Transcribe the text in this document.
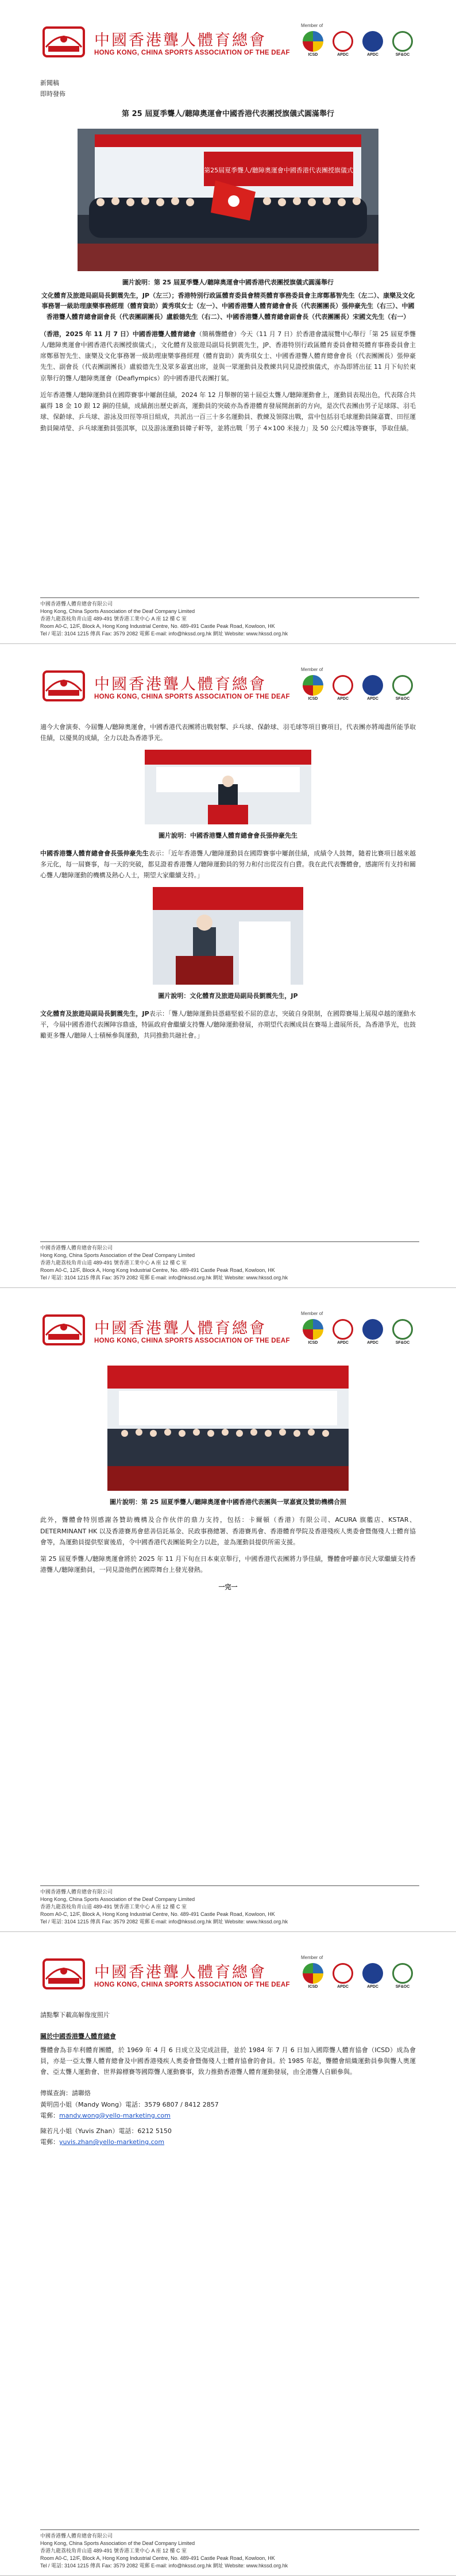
中國香港聾人體育總會
HONG KONG, CHINA SPORTS ASSOCIATION OF THE DEAF
Member of
ICSD	APDC	APDC	SF&OC
新聞稿
即時發佈
第 25 屆夏季聾人/聽障奧運會中國香港代表團授旗儀式圓滿舉行
第25屆夏季聾人/聽障奧運會中國香港代表團授旗儀式
圖片說明：第 25 屆夏季聾人/聽障奧運會中國香港代表團授旗儀式圓滿舉行
文化體育及旅遊局副局長劉震先生，JP（左三）；香港特別行政區體育委員會精英體育事務委員會主席鄭慕智先生（左二）、康樂及文化事務署一級助理康樂事務經理（體育資助）黃秀琪女士（左一）、中國香港聾人體育總會會長（代表團團長）張伸豪先生（右三）、中國香港聾人體育總會副會長（代表團副團長）盧毅德先生（右二）、中國香港聾人體育總會副會長（代表團團長）宋國文先生（右一）
（香港，2025 年 11 月 7 日）中國香港聾人體育總會（簡稱聾體會）今天（11 月 7 日）於香港會議展覽中心舉行「第 25 屆夏季聾人/聽障奧運會中國香港代表團授旗儀式」，文化體育及旅遊局副局長劉震先生，JP、香港特別行政區體育委員會精英體育事務委員會主席鄭慕智先生、康樂及文化事務署一級助理康樂事務經理（體育資助）黃秀琪女士、中國香港聾人體育總會會長（代表團團長）張伸豪先生、副會長（代表團副團長）盧毅德先生及眾多嘉賓出席，並與一眾運動員及教練共同見證授旗儀式，亦為即將出征 11 月下旬於東京舉行的聾人/聽障奧運會（Deaflympics）的中國香港代表團打氣。
近年香港聾人/聽障運動員在國際賽事中屢創佳績，2024 年 12 月舉辦的第十屆亞太聾人/聽障運動會上，運動員表現出色，代表隊合共贏得 18 金 10 銀 12 銅的佳績，成績創出歷史新高，運動員的突破亦為香港體育發展開創新的方向，是次代表團由男子足球隊、羽毛球、保齡球、乒乓球、游泳及田徑等項目組成，共派出一百三十多名運動員、教練及領隊出戰，當中包括羽毛球運動員陳嘉寶、田徑運動員陳靖瑩、乒乓球運動員張淇寧，以及游泳運動員韓子軒等，並將出戰「男子 4×100 米接力」及 50 公尺蝶泳等賽事，爭取佳績。
中國香港聾人體育總會有限公司
Hong Kong, China Sports Association of the Deaf Company Limited
香港九龍荔枝角青山道 489-491 號香港工業中心 A 座 12 樓 C 室
Room A0-C, 12/F, Block A, Hong Kong Industrial Centre, No. 489-491 Castle Peak Road, Kowloon, HK
Tel / 電話: 3104 1215 傳真 Fax: 3579 2082 電郵 E-mail: info@hkssd.org.hk 網址 Website: www.hkssd.org.hk
中國香港聾人體育總會
HONG KONG, CHINA SPORTS ASSOCIATION OF THE DEAF
Member of
ICSD	APDC	APDC	SF&OC
適今大會演奏、今屆聾人/聽障奧運會，中國香港代表團將出戰射擊、乒乓球、保齡球、羽毛球等項目賽項目，代表團亦將竭盡所能爭取佳績，以優異的成績，全力以赴為香港爭光。
圖片說明：中國香港聾人體育總會會長張伸豪先生
中國香港聾人體育總會會長張伸豪先生表示：「近年香港聾人/聽障運動員在國際賽事中屢創佳績，成績令人鼓舞，隨着比賽項目越來越多元化，每一屆賽事，每一天的突破，都見證着香港聾人/聽障運動員的努力和付出從沒有白費。我在此代表聾體會，感謝所有支持和關心聾人/聽障運動的機構及熱心人士，期望大家繼續支持。」
圖片說明：文化體育及旅遊局副局長劉震先生，JP
文化體育及旅遊局副局長劉震先生，JP表示：「聾人/聽障運動員憑藉堅毅不屈的意志，突破自身限制，在國際賽場上展現卓越的運動水平，今屆中國香港代表團陣容鼎盛，特區政府會繼續支持聾人/聽障運動發展，亦期望代表團成員在賽場上盡展所長，為香港爭光，也鼓勵更多聾人/聽障人士積極參與運動，共同推動共融社會。」
中國香港聾人體育總會有限公司
Hong Kong, China Sports Association of the Deaf Company Limited
香港九龍荔枝角青山道 489-491 號香港工業中心 A 座 12 樓 C 室
Room A0-C, 12/F, Block A, Hong Kong Industrial Centre, No. 489-491 Castle Peak Road, Kowloon, HK
Tel / 電話: 3104 1215 傳真 Fax: 3579 2082 電郵 E-mail: info@hkssd.org.hk 網址 Website: www.hkssd.org.hk
中國香港聾人體育總會
HONG KONG, CHINA SPORTS ASSOCIATION OF THE DEAF
Member of
ICSD	APDC	APDC	SF&OC
圖片說明：第 25 屆夏季聾人/聽障奧運會中國香港代表團與一眾嘉賓及贊助機構合照
此外，聾體會特別感謝各贊助機構及合作伙伴的鼎力支持，包括：卡爾頓（香港）有限公司、ACURA 旗艦店、KSTAR、DETERMINANT HK 以及香港賽馬會慈善信託基金、民政事務總署、香港賽馬會、香港體育學院及香港殘疾人奧委會暨傷殘人士體育協會等，為運動員提供堅實後盾，令中國香港代表團能夠全力以赴，並為運動員提供所需支援。
第 25 屆夏季聾人/聽障奧運會將於 2025 年 11 月下旬在日本東京舉行，中國香港代表團將力爭佳績，聾體會呼籲市民大眾繼續支持香港聾人/聽障運動員，一同見證他們在國際舞台上發光發熱。
一完一
中國香港聾人體育總會有限公司
Hong Kong, China Sports Association of the Deaf Company Limited
香港九龍荔枝角青山道 489-491 號香港工業中心 A 座 12 樓 C 室
Room A0-C, 12/F, Block A, Hong Kong Industrial Centre, No. 489-491 Castle Peak Road, Kowloon, HK
Tel / 電話: 3104 1215 傳真 Fax: 3579 2082 電郵 E-mail: info@hkssd.org.hk 網址 Website: www.hkssd.org.hk
中國香港聾人體育總會
HONG KONG, CHINA SPORTS ASSOCIATION OF THE DEAF
Member of
ICSD	APDC	APDC	SF&OC
請點擊下載高解像度照片
關於中國香港聾人體育總會
聾體會為非牟利體育團體，於 1969 年 4 月 6 日成立及完成註冊，並於 1984 年 7 月 6 日加入國際聾人體育協會（ICSD）成為會員，亦是一亞太聾人體育總會及中國香港殘疾人奧委會暨傷殘人士體育協會的會員。於 1985 年起，聾體會組織運動員參與聾人奧運會、亞太聾人運動會、世界錦標賽等國際聾人運動賽事，致力推動香港聾人體育運動發展，由全港聾人自願參與。
傳媒查詢：請聯絡
黃明茵小姐（Mandy Wong）電話：3579 6807 / 8412 2857
電郵：mandy.wong@yello-marketing.com
陳若凡小姐（Yuvis Zhan）電話：6212 5150
電郵：yuvis.zhan@yello-marketing.com
中國香港聾人體育總會有限公司
Hong Kong, China Sports Association of the Deaf Company Limited
香港九龍荔枝角青山道 489-491 號香港工業中心 A 座 12 樓 C 室
Room A0-C, 12/F, Block A, Hong Kong Industrial Centre, No. 489-491 Castle Peak Road, Kowloon, HK
Tel / 電話: 3104 1215 傳真 Fax: 3579 2082 電郵 E-mail: info@hkssd.org.hk 網址 Website: www.hkssd.org.hk
